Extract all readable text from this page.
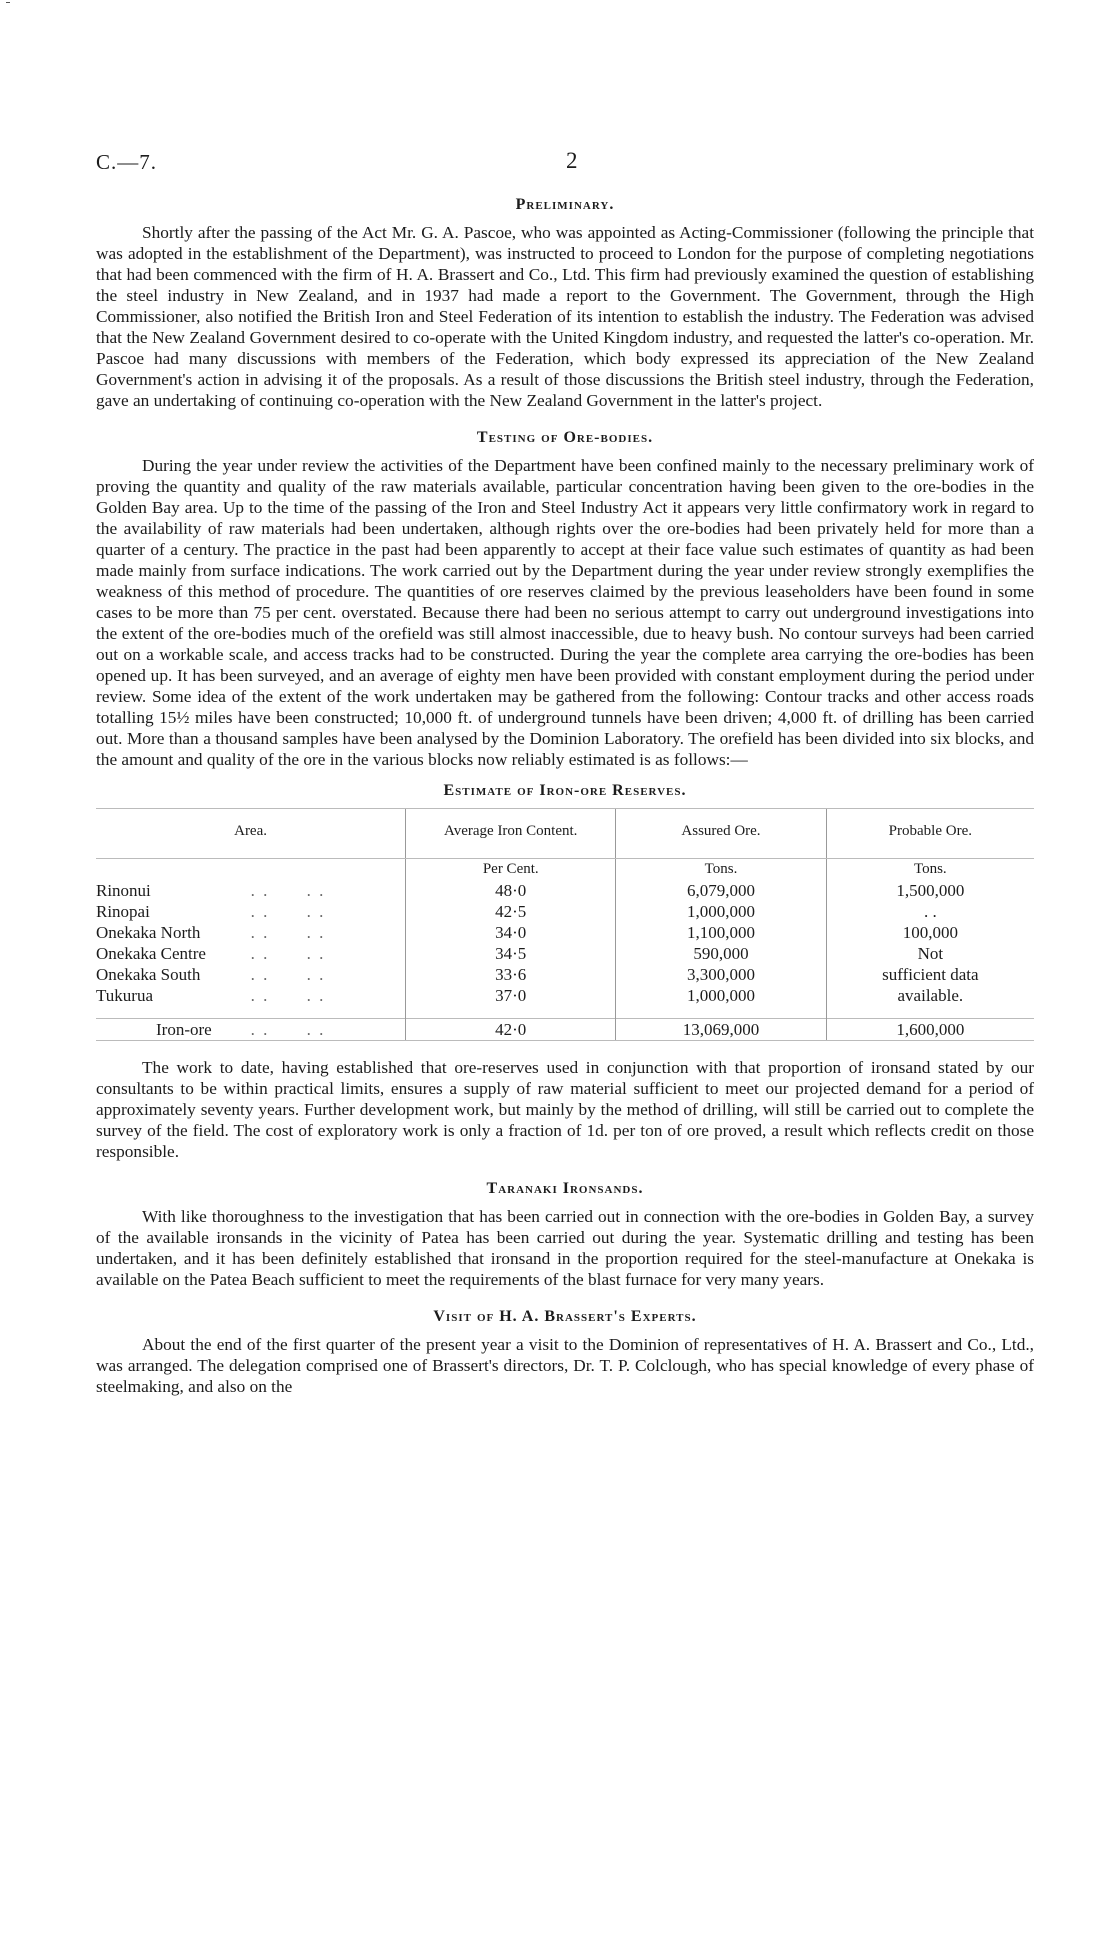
C.—7.	2
Preliminary.

Shortly after the passing of the Act Mr. G. A. Pascoe, who was appointed as Acting-Commissioner (following the principle that was adopted in the establishment of the Department), was instructed to proceed to London for the purpose of completing negotiations that had been commenced with the firm of H. A. Brassert and Co., Ltd. This firm had previously examined the question of establishing the steel industry in New Zealand, and in 1937 had made a report to the Government. The Government, through the High Commissioner, also notified the British Iron and Steel Federation of its intention to establish the industry. The Federation was advised that the New Zealand Government desired to co-operate with the United Kingdom industry, and requested the latter's co-operation. Mr. Pascoe had many discussions with members of the Federation, which body expressed its appreciation of the New Zealand Government's action in advising it of the proposals. As a result of those discussions the British steel industry, through the Federation, gave an undertaking of continuing co-operation with the New Zealand Government in the latter's project.

Testing of Ore-bodies.

During the year under review the activities of the Department have been confined mainly to the necessary preliminary work of proving the quantity and quality of the raw materials available, particular concentration having been given to the ore-bodies in the Golden Bay area. Up to the time of the passing of the Iron and Steel Industry Act it appears very little confirmatory work in regard to the availability of raw materials had been undertaken, although rights over the ore-bodies had been privately held for more than a quarter of a century. The practice in the past had been apparently to accept at their face value such estimates of quantity as had been made mainly from surface indications. The work carried out by the Department during the year under review strongly exemplifies the weakness of this method of procedure. The quantities of ore reserves claimed by the previous leaseholders have been found in some cases to be more than 75 per cent. overstated. Because there had been no serious attempt to carry out underground investigations into the extent of the ore-bodies much of the orefield was still almost inaccessible, due to heavy bush. No contour surveys had been carried out on a workable scale, and access tracks had to be constructed. During the year the complete area carrying the ore-bodies has been opened up. It has been surveyed, and an average of eighty men have been provided with constant employment during the period under review. Some idea of the extent of the work undertaken may be gathered from the following: Contour tracks and other access roads totalling 15½ miles have been constructed; 10,000 ft. of underground tunnels have been driven; 4,000 ft. of drilling has been carried out. More than a thousand samples have been analysed by the Dominion Laboratory. The orefield has been divided into six blocks, and the amount and quality of the ore in the various blocks now reliably estimated is as follows:—

Estimate of Iron-ore Reserves.
Area.	Average Iron Content.	Assured Ore.	Probable Ore.
	Per Cent.	Tons.	Tons.
Rinonui . . . .	48·0	6,079,000	1,500,000
Rinopai . . . .	42·5	1,000,000	. .
Onekaka North . . . .	34·0	1,100,000	100,000
Onekaka Centre . . . .	34·5	590,000	Not
Onekaka South . . . .	33·6	3,300,000	sufficient data
Tukurua . . . .	37·0	1,000,000	available.
Iron-ore . . . .	42·0	13,069,000	1,600,000

The work to date, having established that ore-reserves used in conjunction with that proportion of ironsand stated by our consultants to be within practical limits, ensures a supply of raw material sufficient to meet our projected demand for a period of approximately seventy years. Further development work, but mainly by the method of drilling, will still be carried out to complete the survey of the field. The cost of exploratory work is only a fraction of 1d. per ton of ore proved, a result which reflects credit on those responsible.

Taranaki Ironsands.

With like thoroughness to the investigation that has been carried out in connection with the ore-bodies in Golden Bay, a survey of the available ironsands in the vicinity of Patea has been carried out during the year. Systematic drilling and testing has been undertaken, and it has been definitely established that ironsand in the proportion required for the steel-manufacture at Onekaka is available on the Patea Beach sufficient to meet the requirements of the blast furnace for very many years.

Visit of H. A. Brassert's Experts.

About the end of the first quarter of the present year a visit to the Dominion of representatives of H. A. Brassert and Co., Ltd., was arranged. The delegation comprised one of Brassert's directors, Dr. T. P. Colclough, who has special knowledge of every phase of steelmaking, and also on the
